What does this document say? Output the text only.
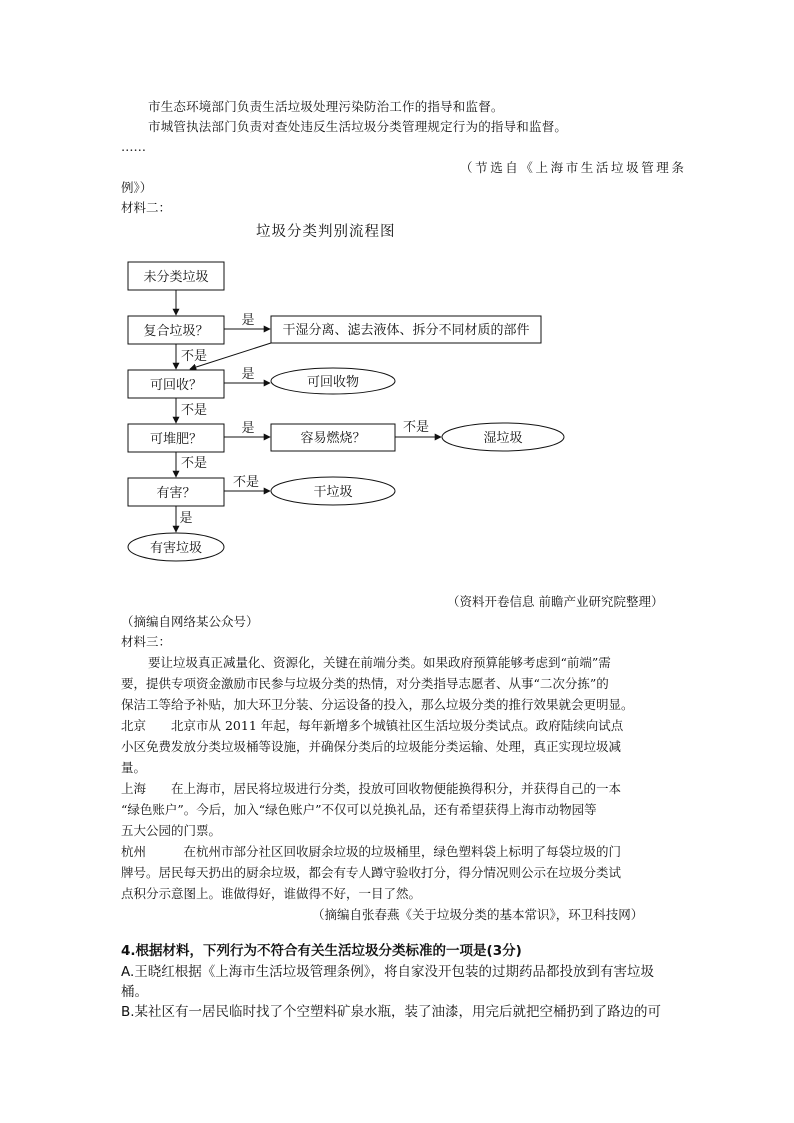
市生态环境部门负责生活垃圾处理污染防治工作的指导和监督。
市城管执法部门负责对查处违反生活垃圾分类管理规定行为的指导和监督。
……
（节选自《上海市生活垃圾管理条
例》）
材料二：
垃圾分类判别流程图
未分类垃圾
复合垃圾？
是
干湿分离、滤去液体、拆分不同材质的部件
不是
可回收？
是
可回收物
不是
可堆肥？
是
容易燃烧？
不是
湿垃圾
不是
有害？
不是
干垃圾
是
有害垃圾
（资料开卷信息 前瞻产业研究院整理）
（摘编自网络某公众号）
材料三：
要让垃圾真正减量化、资源化，关键在前端分类。如果政府预算能够考虑到“前端”需
要，提供专项资金激励市民参与垃圾分类的热情，对分类指导志愿者、从事“二次分拣”的
保洁工等给予补贴，加大环卫分装、分运设备的投入，那么垃圾分类的推行效果就会更明显。
北京　　北京市从 2011 年起，每年新增多个城镇社区生活垃圾分类试点。政府陆续向试点
小区免费发放分类垃圾桶等设施，并确保分类后的垃圾能分类运输、处理，真正实现垃圾减
量。
上海　　在上海市，居民将垃圾进行分类，投放可回收物便能换得积分，并获得自己的一本
“绿色账户”。今后，加入“绿色账户”不仅可以兑换礼品，还有希望获得上海市动物园等
五大公园的门票。
杭州　　　在杭州市部分社区回收厨余垃圾的垃圾桶里，绿色塑料袋上标明了每袋垃圾的门
牌号。居民每天扔出的厨余垃圾，都会有专人蹲守验收打分，得分情况则公示在垃圾分类试
点积分示意图上。谁做得好，谁做得不好，一目了然。
（摘编自张春燕《关于垃圾分类的基本常识》，环卫科技网）
4.根据材料，下列行为不符合有关生活垃圾分类标准的一项是(3分)
A.王晓红根据《上海市生活垃圾管理条例》，将自家没开包装的过期药品都投放到有害垃圾
桶。
B.某社区有一居民临时找了个空塑料矿泉水瓶，装了油漆，用完后就把空桶扔到了路边的可
